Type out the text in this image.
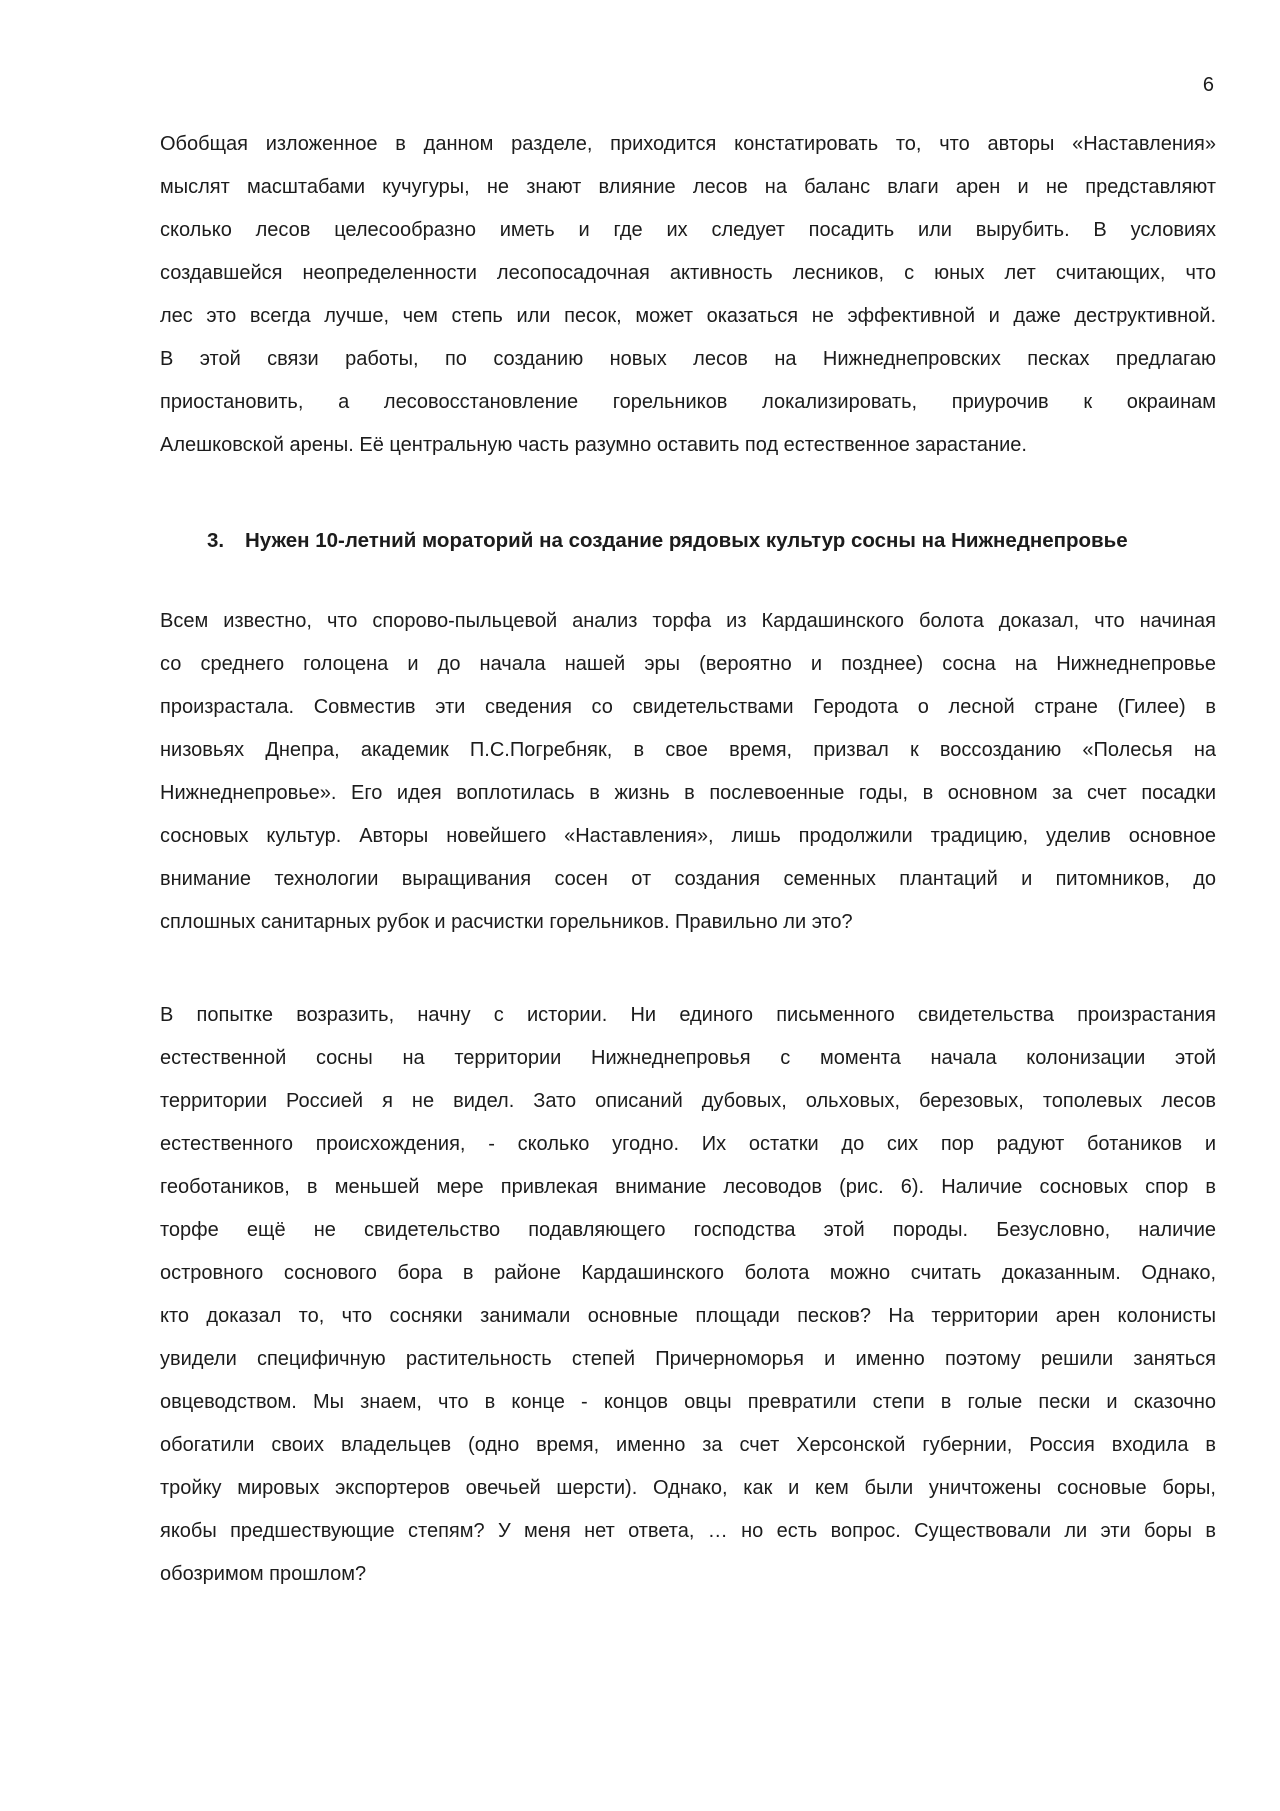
6
Обобщая изложенное в данном разделе, приходится констатировать то, что авторы «Наставления»
мыслят масштабами кучугуры, не знают влияние лесов на баланс влаги арен и не представляют
сколько лесов целесообразно иметь и где их следует посадить или вырубить. В условиях
создавшейся неопределенности лесопосадочная активность лесников, с юных лет считающих, что
лес это всегда лучше, чем степь или песок, может оказаться не эффективной и даже деструктивной.
В этой связи работы, по созданию новых лесов на Нижнеднепровских песках предлагаю
приостановить, а лесовосстановление горельников локализировать, приурочив к окраинам
Алешковской арены. Её центральную часть разумно оставить под естественное зарастание.
3.	Нужен 10-летний мораторий на создание рядовых культур сосны на Нижнеднепровье
Всем известно, что спорово-пыльцевой анализ торфа из Кардашинского болота доказал, что начиная
со среднего голоцена и до начала нашей эры (вероятно и позднее) сосна на Нижнеднепровье
произрастала. Совместив эти сведения со свидетельствами Геродота о лесной стране (Гилее) в
низовьях Днепра, академик П.С.Погребняк, в свое время, призвал к воссозданию «Полесья на
Нижнеднепровье». Его идея воплотилась в жизнь в послевоенные годы, в основном за счет посадки
сосновых культур. Авторы новейшего «Наставления», лишь продолжили традицию, уделив основное
внимание технологии выращивания сосен от создания семенных плантаций и питомников, до
сплошных санитарных рубок и расчистки горельников. Правильно ли это?
В попытке возразить, начну с истории. Ни единого письменного свидетельства произрастания
естественной сосны на территории Нижнеднепровья с момента начала колонизации этой
территории Россией я не видел. Зато описаний дубовых, ольховых, березовых, тополевых лесов
естественного происхождения, - сколько угодно. Их остатки до сих пор радуют ботаников и
геоботаников, в меньшей мере привлекая внимание лесоводов (рис. 6). Наличие сосновых спор в
торфе ещё не свидетельство подавляющего господства этой породы. Безусловно, наличие
островного соснового бора в районе Кардашинского болота можно считать доказанным. Однако,
кто доказал то, что сосняки занимали основные площади песков? На территории арен колонисты
увидели специфичную растительность степей Причерноморья и именно поэтому решили заняться
овцеводством. Мы знаем, что в конце - концов овцы превратили степи в голые пески и сказочно
обогатили своих владельцев (одно время, именно за счет Херсонской губернии, Россия входила в
тройку мировых экспортеров овечьей шерсти). Однако, как и кем были уничтожены сосновые боры,
якобы предшествующие степям? У меня нет ответа, … но есть вопрос. Существовали ли эти боры в
обозримом прошлом?
